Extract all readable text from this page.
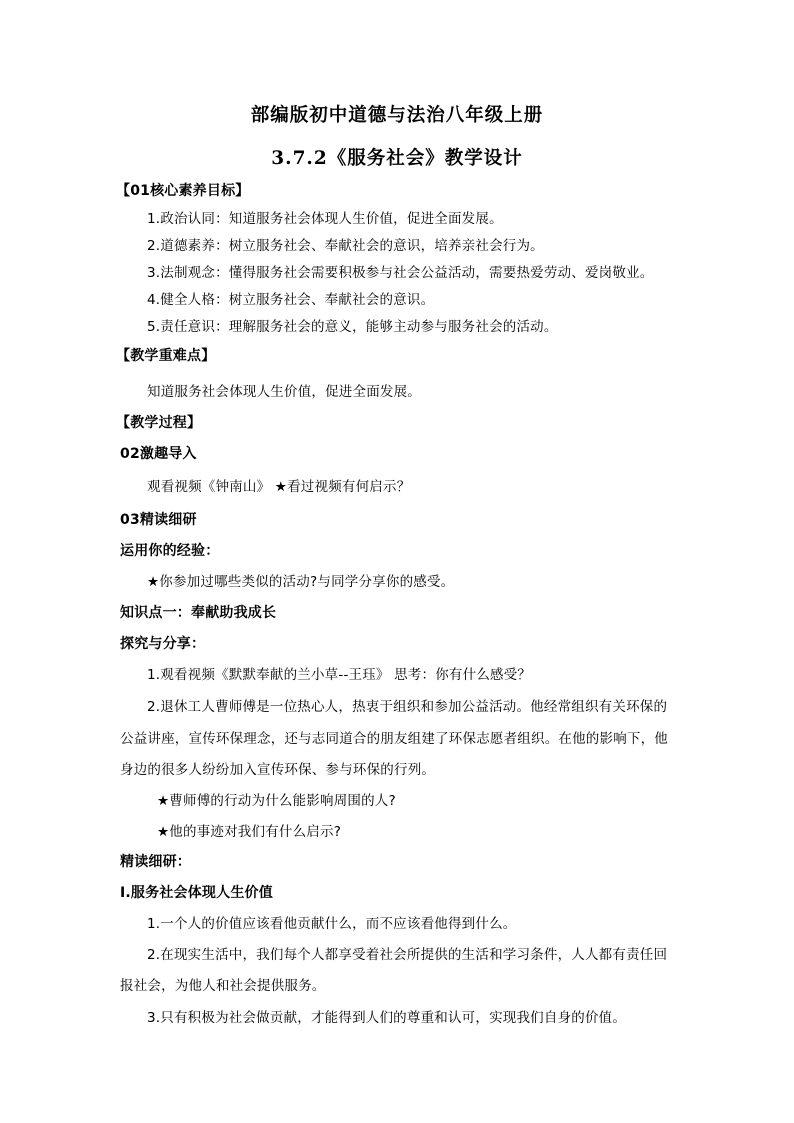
部编版初中道德与法治八年级上册
3.7.2《服务社会》教学设计
【01核心素养目标】
1.政治认同：知道服务社会体现人生价值，促进全面发展。
2.道德素养：树立服务社会、奉献社会的意识，培养亲社会行为。
3.法制观念：懂得服务社会需要积极参与社会公益活动，需要热爱劳动、爱岗敬业。
4.健全人格：树立服务社会、奉献社会的意识。
5.责任意识：理解服务社会的意义，能够主动参与服务社会的活动。
【教学重难点】
知道服务社会体现人生价值，促进全面发展。
【教学过程】
02激趣导入
观看视频《钟南山》 ★看过视频有何启示？
03精读细研
运用你的经验：
★你参加过哪些类似的活动?与同学分享你的感受。
知识点一：奉献助我成长
探究与分享：
1.观看视频《默默奉献的兰小草--王珏》 思考：你有什么感受？
2.退休工人曹师傅是一位热心人，热衷于组织和参加公益活动。他经常组织有关环保的
公益讲座，宣传环保理念，还与志同道合的朋友组建了环保志愿者组织。在他的影响下，他
身边的很多人纷纷加入宣传环保、参与环保的行列。
★曹师傅的行动为什么能影响周围的人?
★他的事迹对我们有什么启示?
精读细研：
Ⅰ.服务社会体现人生价值
1.一个人的价值应该看他贡献什么，而不应该看他得到什么。
2.在现实生活中，我们每个人都享受着社会所提供的生活和学习条件，人人都有责任回
报社会，为他人和社会提供服务。
3.只有积极为社会做贡献，才能得到人们的尊重和认可，实现我们自身的价值。
